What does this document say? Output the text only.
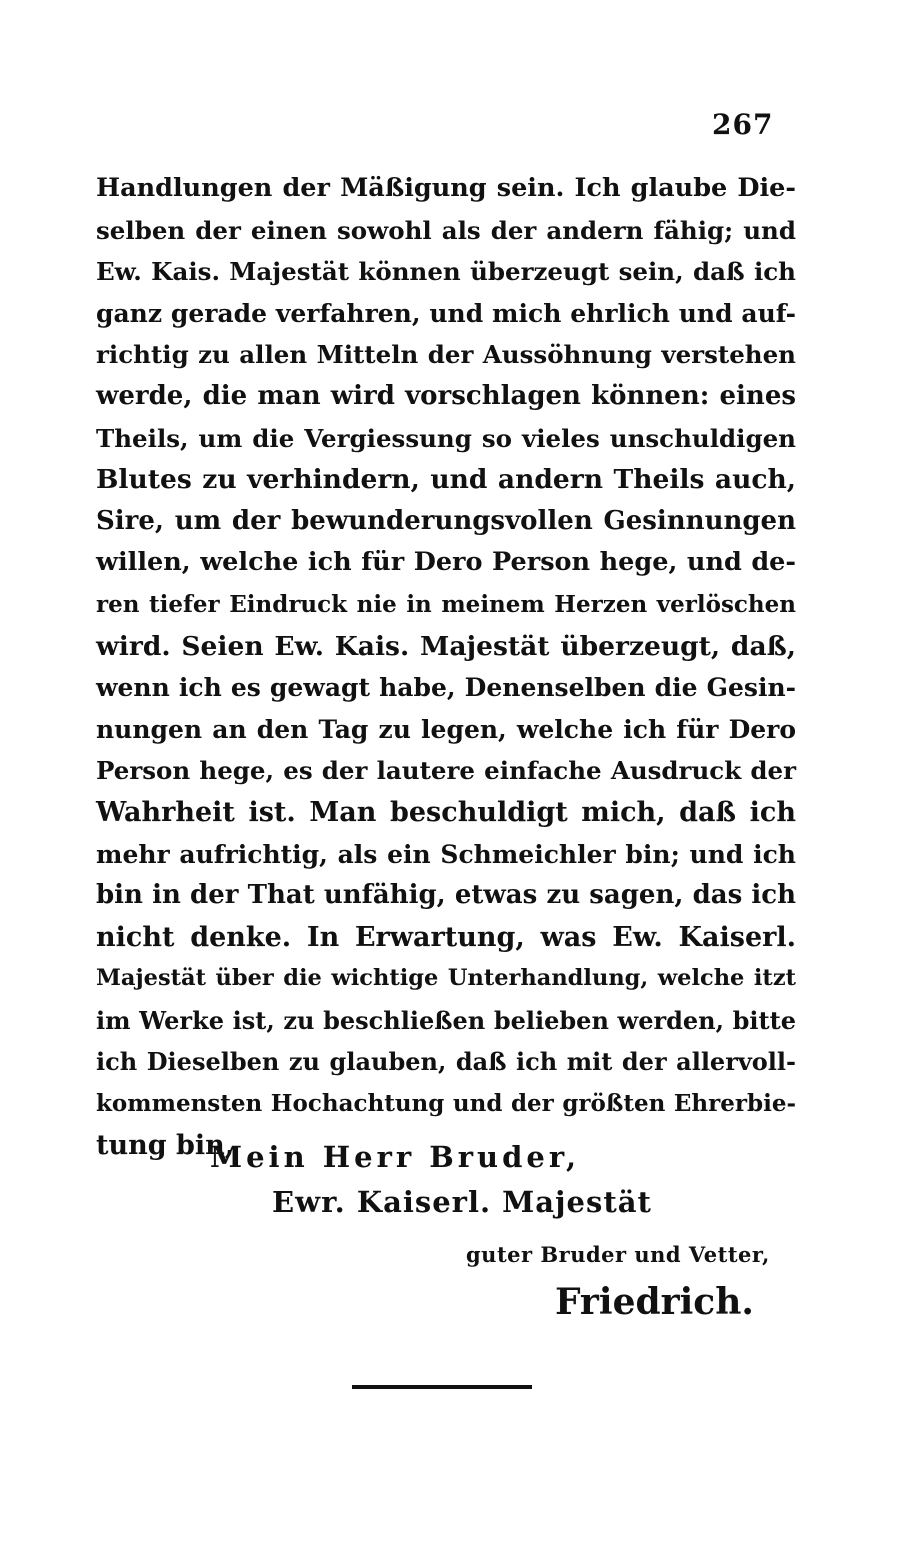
267
Handlungen der Mäßigung sein. Ich glaube Die-
selben der einen sowohl als der andern fähig; und
Ew. Kais. Majestät können überzeugt sein, daß ich
ganz gerade verfahren, und mich ehrlich und auf-
richtig zu allen Mitteln der Aussöhnung verstehen
werde, die man wird vorschlagen können: eines
Theils, um die Vergiessung so vieles unschuldigen
Blutes zu verhindern, und andern Theils auch,
Sire, um der bewunderungsvollen Gesinnungen
willen, welche ich für Dero Person hege, und de-
ren tiefer Eindruck nie in meinem Herzen verlöschen
wird. Seien Ew. Kais. Majestät überzeugt, daß,
wenn ich es gewagt habe, Denenselben die Gesin-
nungen an den Tag zu legen, welche ich für Dero
Person hege, es der lautere einfache Ausdruck der
Wahrheit ist. Man beschuldigt mich, daß ich
mehr aufrichtig, als ein Schmeichler bin; und ich
bin in der That unfähig, etwas zu sagen, das ich
nicht denke. In Erwartung, was Ew. Kaiserl.
Majestät über die wichtige Unterhandlung, welche itzt
im Werke ist, zu beschließen belieben werden, bitte
ich Dieselben zu glauben, daß ich mit der allervoll-
kommensten Hochachtung und der größten Ehrerbie-
tung bin,
Mein Herr Bruder,
Ewr. Kaiserl. Majestät
guter Bruder und Vetter,
Friedrich.
